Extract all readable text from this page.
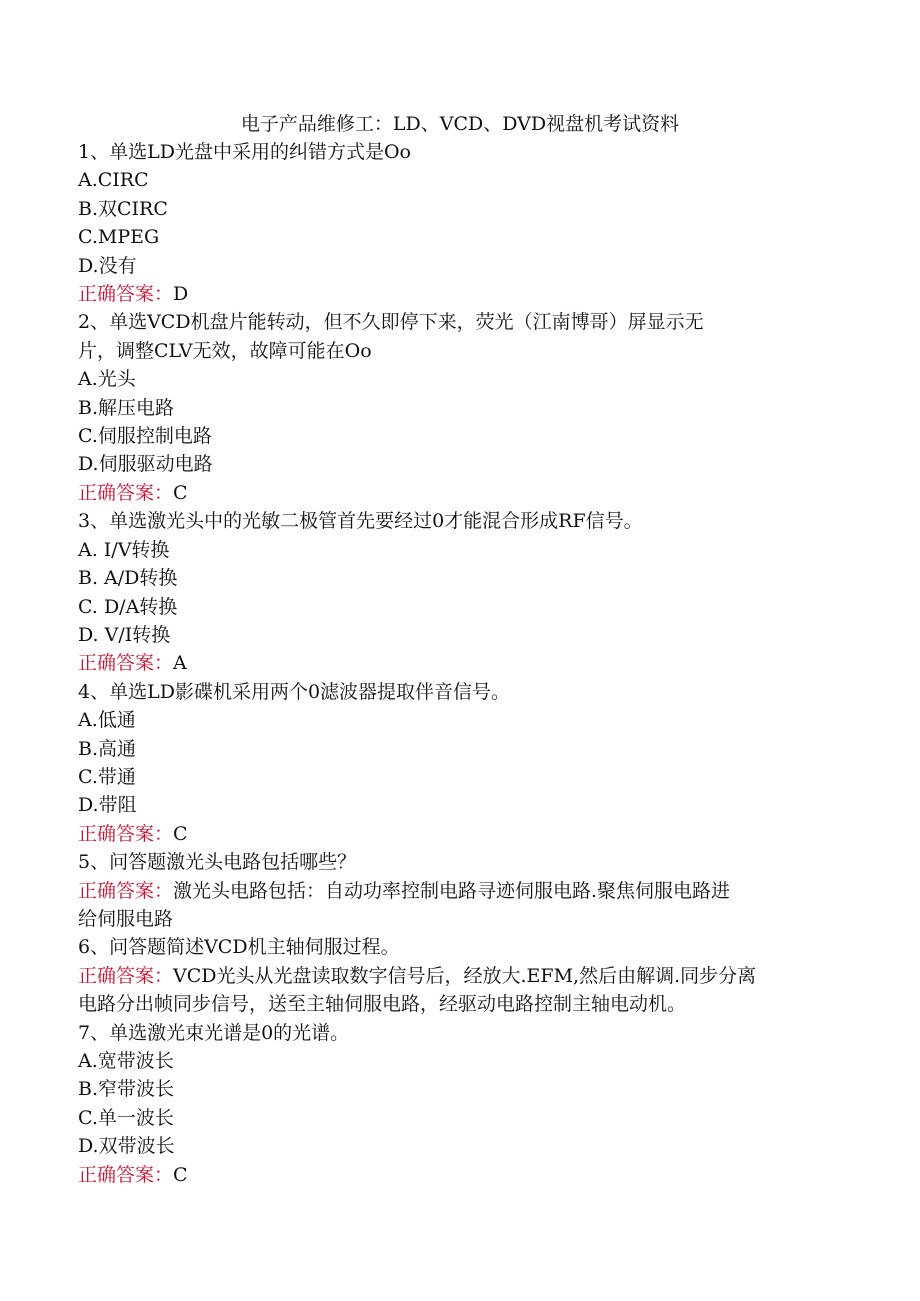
电子产品维修工：LD、VCD、DVD视盘机考试资料
1、单选LD光盘中采用的纠错方式是Oo
A.CIRC
B.双CIRC
C.MPEG
D.没有
正确答案：D
2、单选VCD机盘片能转动，但不久即停下来，荧光（江南博哥）屏显示无
片，调整CLV无效，故障可能在Oo
A.光头
B.解压电路
C.伺服控制电路
D.伺服驱动电路
正确答案：C
3、单选激光头中的光敏二极管首先要经过0才能混合形成RF信号。
A. I/V转换
B. A/D转换
C. D/A转换
D. V/I转换
正确答案：A
4、单选LD影碟机采用两个0滤波器提取伴音信号。
A.低通
B.高通
C.带通
D.带阻
正确答案：C
5、问答题激光头电路包括哪些？
正确答案：激光头电路包括：自动功率控制电路寻迹伺服电路.聚焦伺服电路进
给伺服电路
6、问答题简述VCD机主轴伺服过程。
正确答案：VCD光头从光盘读取数字信号后，经放大.EFM,然后由解调.同步分离
电路分出帧同步信号，送至主轴伺服电路，经驱动电路控制主轴电动机。
7、单选激光束光谱是0的光谱。
A.宽带波长
B.窄带波长
C.单一波长
D.双带波长
正确答案：C
